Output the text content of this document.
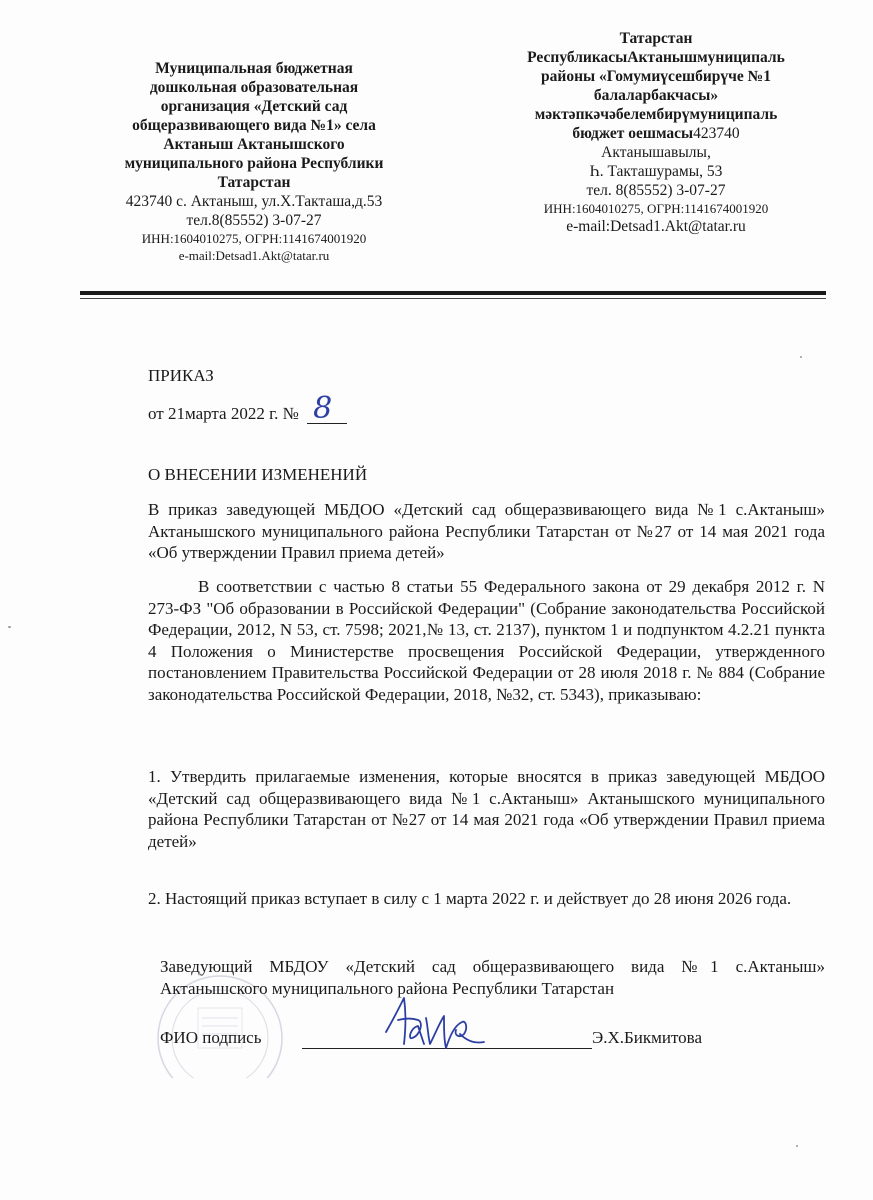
Муниципальная бюджетная
дошкольная образовательная
организация «Детский сад
общеразвивающего вида №1» села
Актаныш Актанышского
муниципального района Республики
Татарстан
423740 с. Актаныш, ул.Х.Такташа,д.53
тел.8(85552) 3-07-27
ИНН:1604010275, ОГРН:1141674001920
e-mail:Detsad1.Akt@tatar.ru
Татарстан
РеспубликасыАктанышмуниципаль
районы «Гомумиүсешбирүче №1
балаларбакчасы»
мәктәпкәчәбелембирүмуниципаль
бюджет оешмасы423740
Актанышавылы,
Һ. Такташурамы, 53
тел. 8(85552) 3-07-27
ИНН:1604010275, ОГРН:1141674001920
e-mail:Detsad1.Akt@tatar.ru
ПРИКАЗ
от 21марта 2022 г. № 8
О ВНЕСЕНИИ ИЗМЕНЕНИЙ

В приказ заведующей МБДОО «Детский сад общеразвивающего вида №1 с.Актаныш» Актанышского муниципального района Республики Татарстан от №27 от 14 мая 2021 года «Об утверждении Правил приема детей»

В соответствии с частью 8 статьи 55 Федерального закона от 29 декабря 2012 г. N 273-ФЗ "Об образовании в Российской Федерации" (Собрание законодательства Российской Федерации, 2012, N 53, ст. 7598; 2021,№ 13, ст. 2137), пунктом 1 и подпунктом 4.2.21 пункта 4 Положения о Министерстве просвещения Российской Федерации, утвержденного постановлением Правительства Российской Федерации от 28 июля 2018 г. № 884 (Собрание законодательства Российской Федерации, 2018, №32, ст. 5343), приказываю:

1. Утвердить прилагаемые изменения, которые вносятся в приказ заведующей МБДОО «Детский сад общеразвивающего вида №1 с.Актаныш» Актанышского муниципального района Республики Татарстан от №27 от 14 мая 2021 года «Об утверждении Правил приема детей»

2. Настоящий приказ вступает в силу с 1 марта 2022 г. и действует до 28 июня 2026 года.

Заведующий МБДОУ «Детский сад общеразвивающего вида №1 с.Актаныш» Актанышского муниципального района Республики Татарстан

ФИО подпись	Э.Х.Бикмитова
